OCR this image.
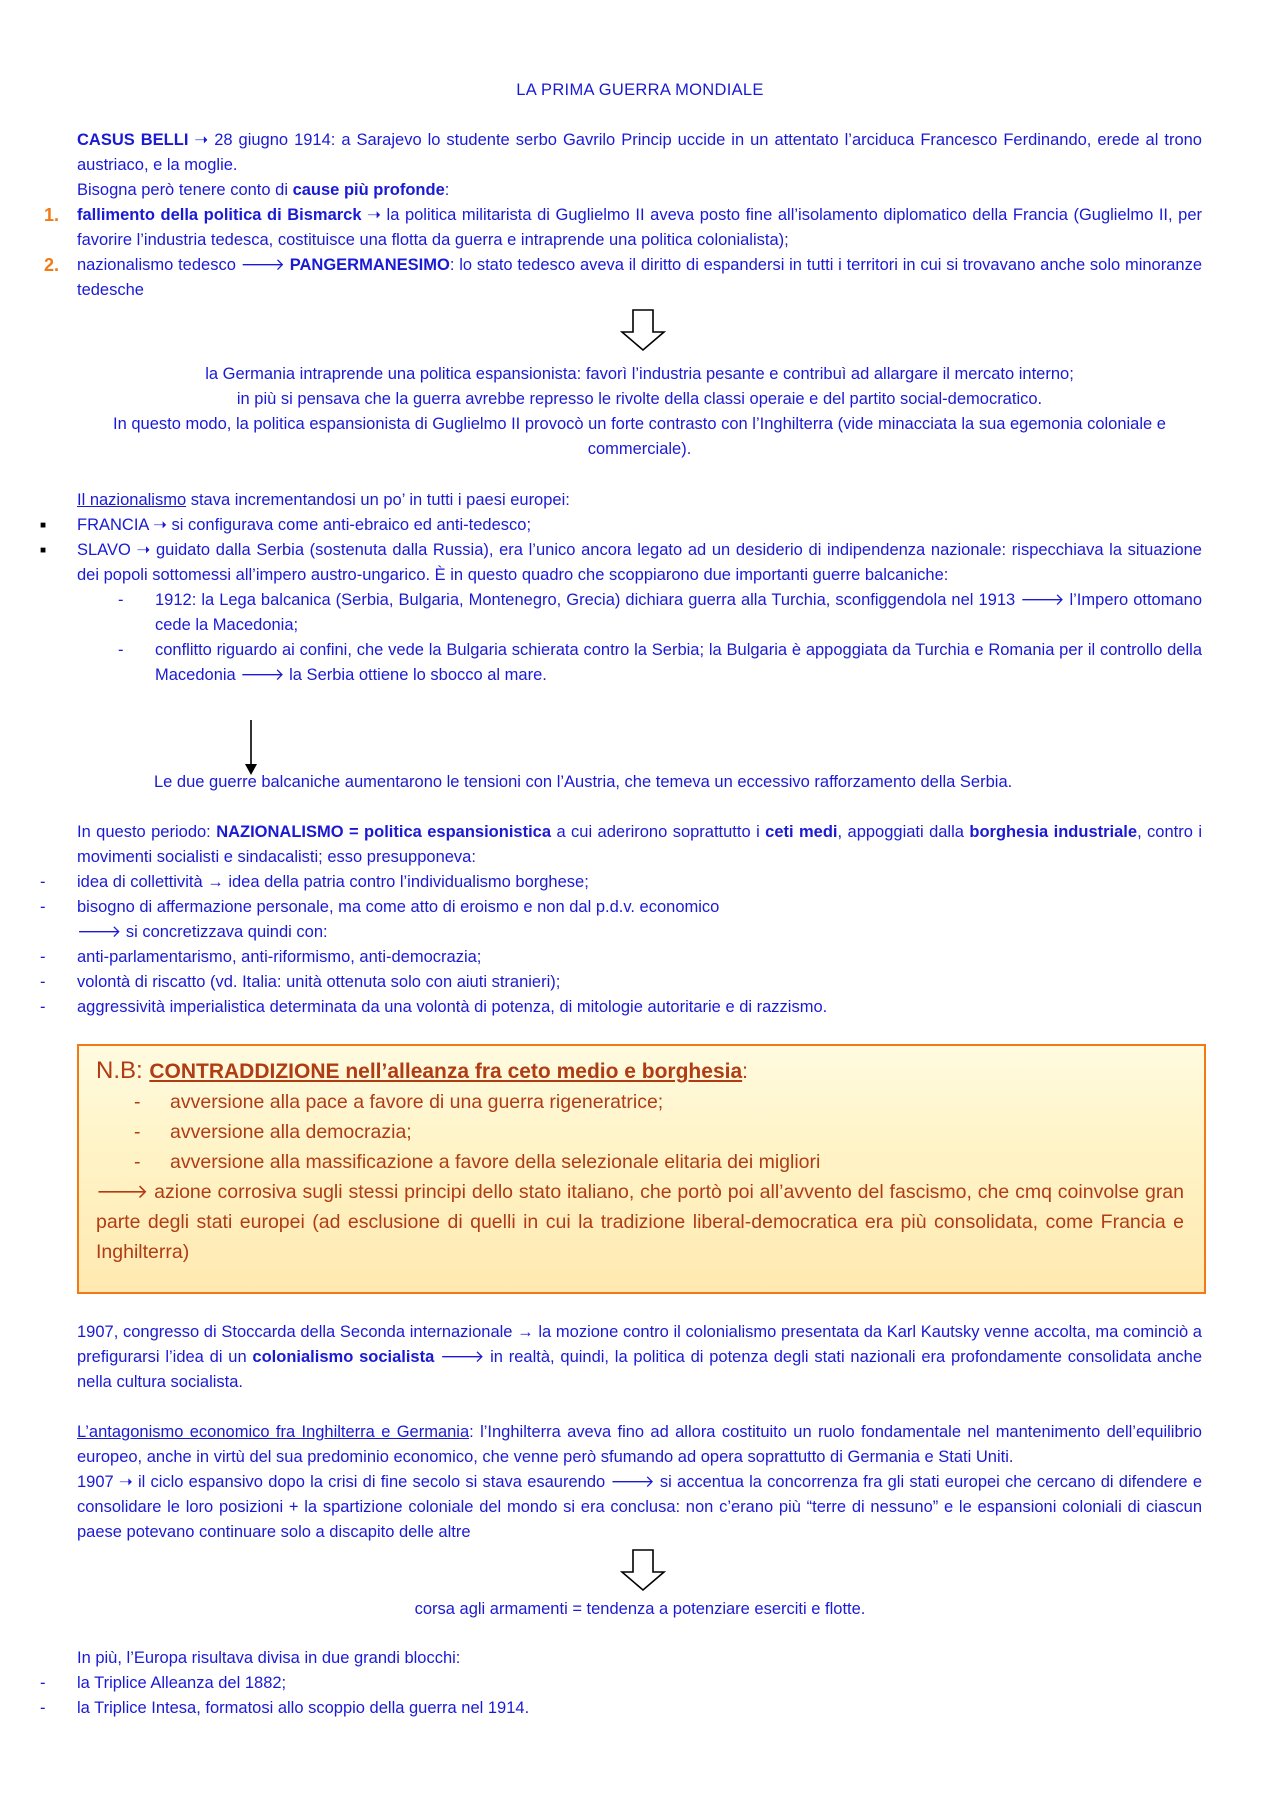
LA PRIMA GUERRA MONDIALE

CASUS BELLI ➝ 28 giugno 1914: a Sarajevo lo studente serbo Gavrilo Princip uccide in un attentato l’arciduca Francesco Ferdinando, erede al trono austriaco, e la moglie.

Bisogna però tenere conto di cause più profonde:

1.	fallimento della politica di Bismarck ➝ la politica militarista di Guglielmo II aveva posto fine all’isolamento diplomatico della Francia (Guglielmo II, per favorire l’industria tedesca, costituisce una flotta da guerra e intraprende una politica colonialista);
2.	nazionalismo tedesco 🡒 PANGERMANESIMO: lo stato tedesco aveva il diritto di espandersi in tutti i territori in cui si trovavano anche solo minoranze tedesche

la Germania intraprende una politica espansionista: favorì l’industria pesante e contribuì ad allargare il mercato interno;

in più si pensava che la guerra avrebbe represso le rivolte della classi operaie e del partito social-democratico.

In questo modo, la politica espansionista di Guglielmo II provocò un forte contrasto con l’Inghilterra (vide minacciata la sua egemonia coloniale e commerciale).

Il nazionalismo stava incrementandosi un po’ in tutti i paesi europei:

■	FRANCIA ➝ si configurava come anti-ebraico ed anti-tedesco;
■	SLAVO ➝ guidato dalla Serbia (sostenuta dalla Russia), era l’unico ancora legato ad un desiderio di indipendenza nazionale: rispecchiava la situazione dei popoli sottomessi all’impero austro-ungarico. È in questo quadro che scoppiarono due importanti guerre balcaniche:
-	1912: la Lega balcanica (Serbia, Bulgaria, Montenegro, Grecia) dichiara guerra alla Turchia, sconfiggendola nel 1913 🡒 l’Impero ottomano cede la Macedonia;
-	conflitto riguardo ai confini, che vede la Bulgaria schierata contro la Serbia; la Bulgaria è appoggiata da Turchia e Romania per il controllo della Macedonia 🡒 la Serbia ottiene lo sbocco al mare.
Le due guerre balcaniche aumentarono le tensioni con l’Austria, che temeva un eccessivo rafforzamento della Serbia.

In questo periodo: NAZIONALISMO = politica espansionistica a cui aderirono soprattutto i ceti medi, appoggiati dalla borghesia industriale, contro i movimenti socialisti e sindacalisti; esso presupponeva:

-	idea di collettività → idea della patria contro l’individualismo borghese;
-	bisogno di affermazione personale, ma come atto di eroismo e non dal p.d.v. economico

🡒 si concretizzava quindi con:

-	anti-parlamentarismo, anti-riformismo, anti-democrazia;
-	volontà di riscatto (vd. Italia: unità ottenuta solo con aiuti stranieri);
-	aggressività imperialistica determinata da una volontà di potenza, di mitologie autoritarie e di razzismo.

N.B: CONTRADDIZIONE nell’alleanza fra ceto medio e borghesia:

-	avversione alla pace a favore di una guerra rigeneratrice;
-	avversione alla democrazia;
-	avversione alla massificazione a favore della selezionale elitaria dei migliori

🡒 azione corrosiva sugli stessi principi dello stato italiano, che portò poi all’avvento del fascismo, che cmq coinvolse gran parte degli stati europei (ad esclusione di quelli in cui la tradizione liberal-democratica era più consolidata, come Francia e Inghilterra)

1907, congresso di Stoccarda della Seconda internazionale → la mozione contro il colonialismo presentata da Karl Kautsky venne accolta, ma cominciò a prefigurarsi l’idea di un colonialismo socialista 🡒 in realtà, quindi, la politica di potenza degli stati nazionali era profondamente consolidata anche nella cultura socialista.

L’antagonismo economico fra Inghilterra e Germania: l’Inghilterra aveva fino ad allora costituito un ruolo fondamentale nel mantenimento dell’equilibrio europeo, anche in virtù del sua predominio economico, che venne però sfumando ad opera soprattutto di Germania e Stati Uniti.

1907 ➝ il ciclo espansivo dopo la crisi di fine secolo si stava esaurendo 🡒 si accentua la concorrenza fra gli stati europei che cercano di difendere e consolidare le loro posizioni + la spartizione coloniale del mondo si era conclusa: non c’erano più “terre di nessuno” e le espansioni coloniali di ciascun paese potevano continuare solo a discapito delle altre

corsa agli armamenti = tendenza a potenziare eserciti e flotte.

In più, l’Europa risultava divisa in due grandi blocchi:

-	la Triplice Alleanza del 1882;
-	la Triplice Intesa, formatosi allo scoppio della guerra nel 1914.
